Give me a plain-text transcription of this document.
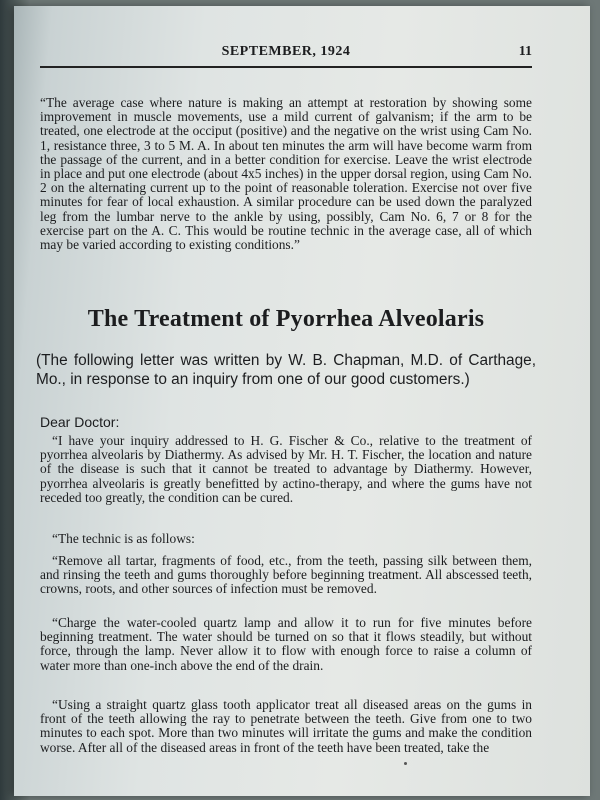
SEPTEMBER, 1924	11
“The average case where nature is making an attempt at restoration by showing some improvement in muscle movements, use a mild current of galvanism; if the arm to be treated, one electrode at the occiput (positive) and the negative on the wrist using Cam No. 1, resistance three, 3 to 5 M. A. In about ten minutes the arm will have become warm from the passage of the current, and in a better condition for exercise. Leave the wrist electrode in place and put one electrode (about 4x5 inches) in the upper dorsal region, using Cam No. 2 on the alternating current up to the point of reasonable toleration. Exercise not over five minutes for fear of local exhaustion. A similar procedure can be used down the paralyzed leg from the lumbar nerve to the ankle by using, possibly, Cam No. 6, 7 or 8 for the exercise part on the A. C. This would be routine technic in the average case, all of which may be varied according to existing conditions.”
The Treatment of Pyorrhea Alveolaris
(The following letter was written by W. B. Chapman, M.D. of Carthage, Mo., in response to an inquiry from one of our good customers.)
Dear Doctor:
“I have your inquiry addressed to H. G. Fischer & Co., relative to the treatment of pyorrhea alveolaris by Diathermy. As advised by Mr. H. T. Fischer, the location and nature of the disease is such that it cannot be treated to advantage by Diathermy. However, pyorrhea alveolaris is greatly benefitted by actino-therapy, and where the gums have not receded too greatly, the condition can be cured.
“The technic is as follows:
“Remove all tartar, fragments of food, etc., from the teeth, passing silk between them, and rinsing the teeth and gums thoroughly before beginning treatment. All abscessed teeth, crowns, roots, and other sources of infection must be removed.
“Charge the water-cooled quartz lamp and allow it to run for five minutes before beginning treatment. The water should be turned on so that it flows steadily, but without force, through the lamp. Never allow it to flow with enough force to raise a column of water more than one-inch above the end of the drain.
“Using a straight quartz glass tooth applicator treat all diseased areas on the gums in front of the teeth allowing the ray to penetrate between the teeth. Give from one to two minutes to each spot. More than two minutes will irritate the gums and make the condition worse. After all of the diseased areas in front of the teeth have been treated, take the
